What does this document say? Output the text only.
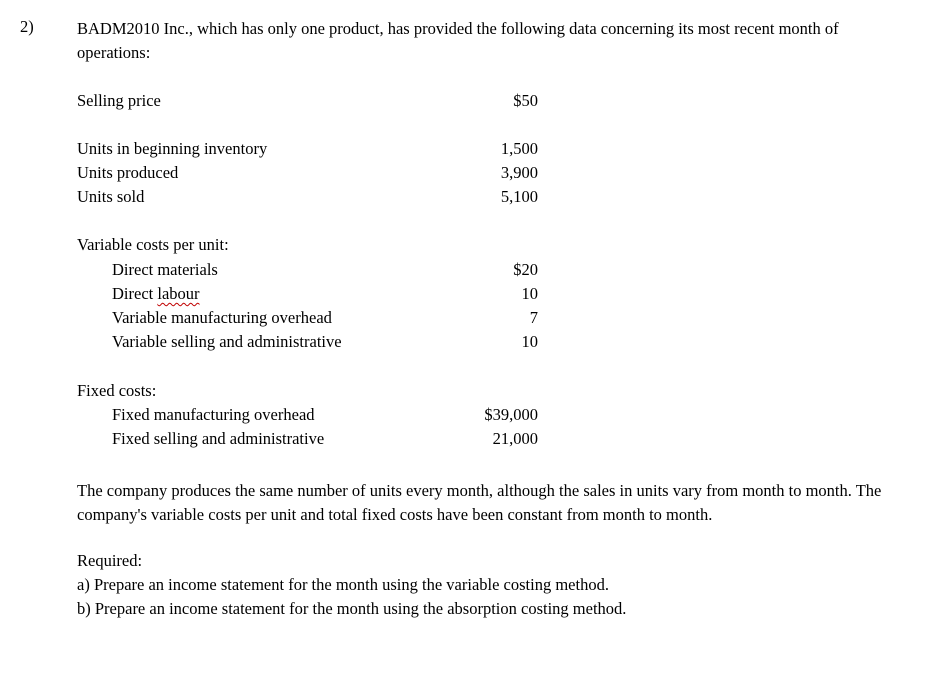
2)	BADM2010 Inc., which has only one product, has provided the following data concerning its most recent month of operations:
Selling price	$50
Units in beginning inventory	1,500
Units produced	3,900
Units sold	5,100
Variable costs per unit:
Direct materials	$20
Direct labour	10
Variable manufacturing overhead	7
Variable selling and administrative	10
Fixed costs:
Fixed manufacturing overhead	$39,000
Fixed selling and administrative	21,000
The company produces the same number of units every month, although the sales in units vary from month to month. The company's variable costs per unit and total fixed costs have been constant from month to month.
Required:
a) Prepare an income statement for the month using the variable costing method.
b) Prepare an income statement for the month using the absorption costing method.
